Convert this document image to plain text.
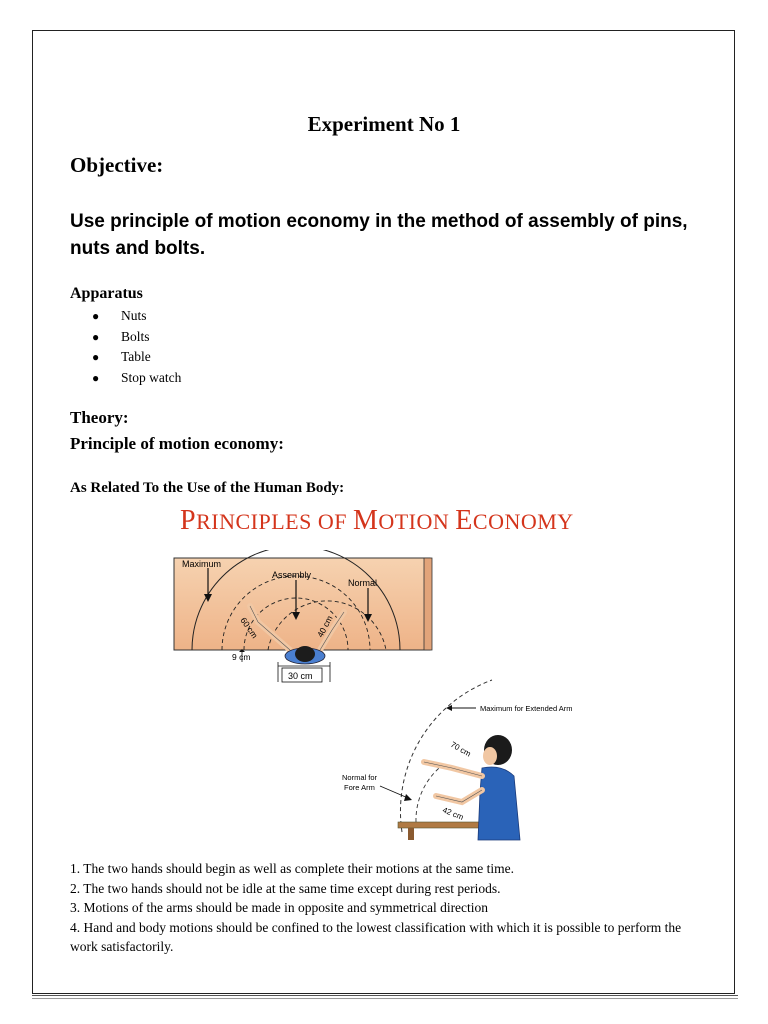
Experiment No 1
Objective:
Use principle of motion economy in the method of assembly of pins, nuts and bolts.
Apparatus
● Nuts
● Bolts
● Table
● Stop watch
Theory:
Principle of motion economy:
As Related To the Use of the Human Body:
PRINCIPLES OF MOTION ECONOMY
Maximum
Assembly
Normal
60 cm	40 cm
9 cm
30 cm
Maximum for Extended Arm
70 cm
42 cm
Normal for
Fore Arm
1. The two hands should begin as well as complete their motions at the same time.
2. The two hands should not be idle at the same time except during rest periods.
3. Motions of the arms should be made in opposite and symmetrical direction
4. Hand and body motions should be confined to the lowest classification with which it is possible to perform the work satisfactorily.
